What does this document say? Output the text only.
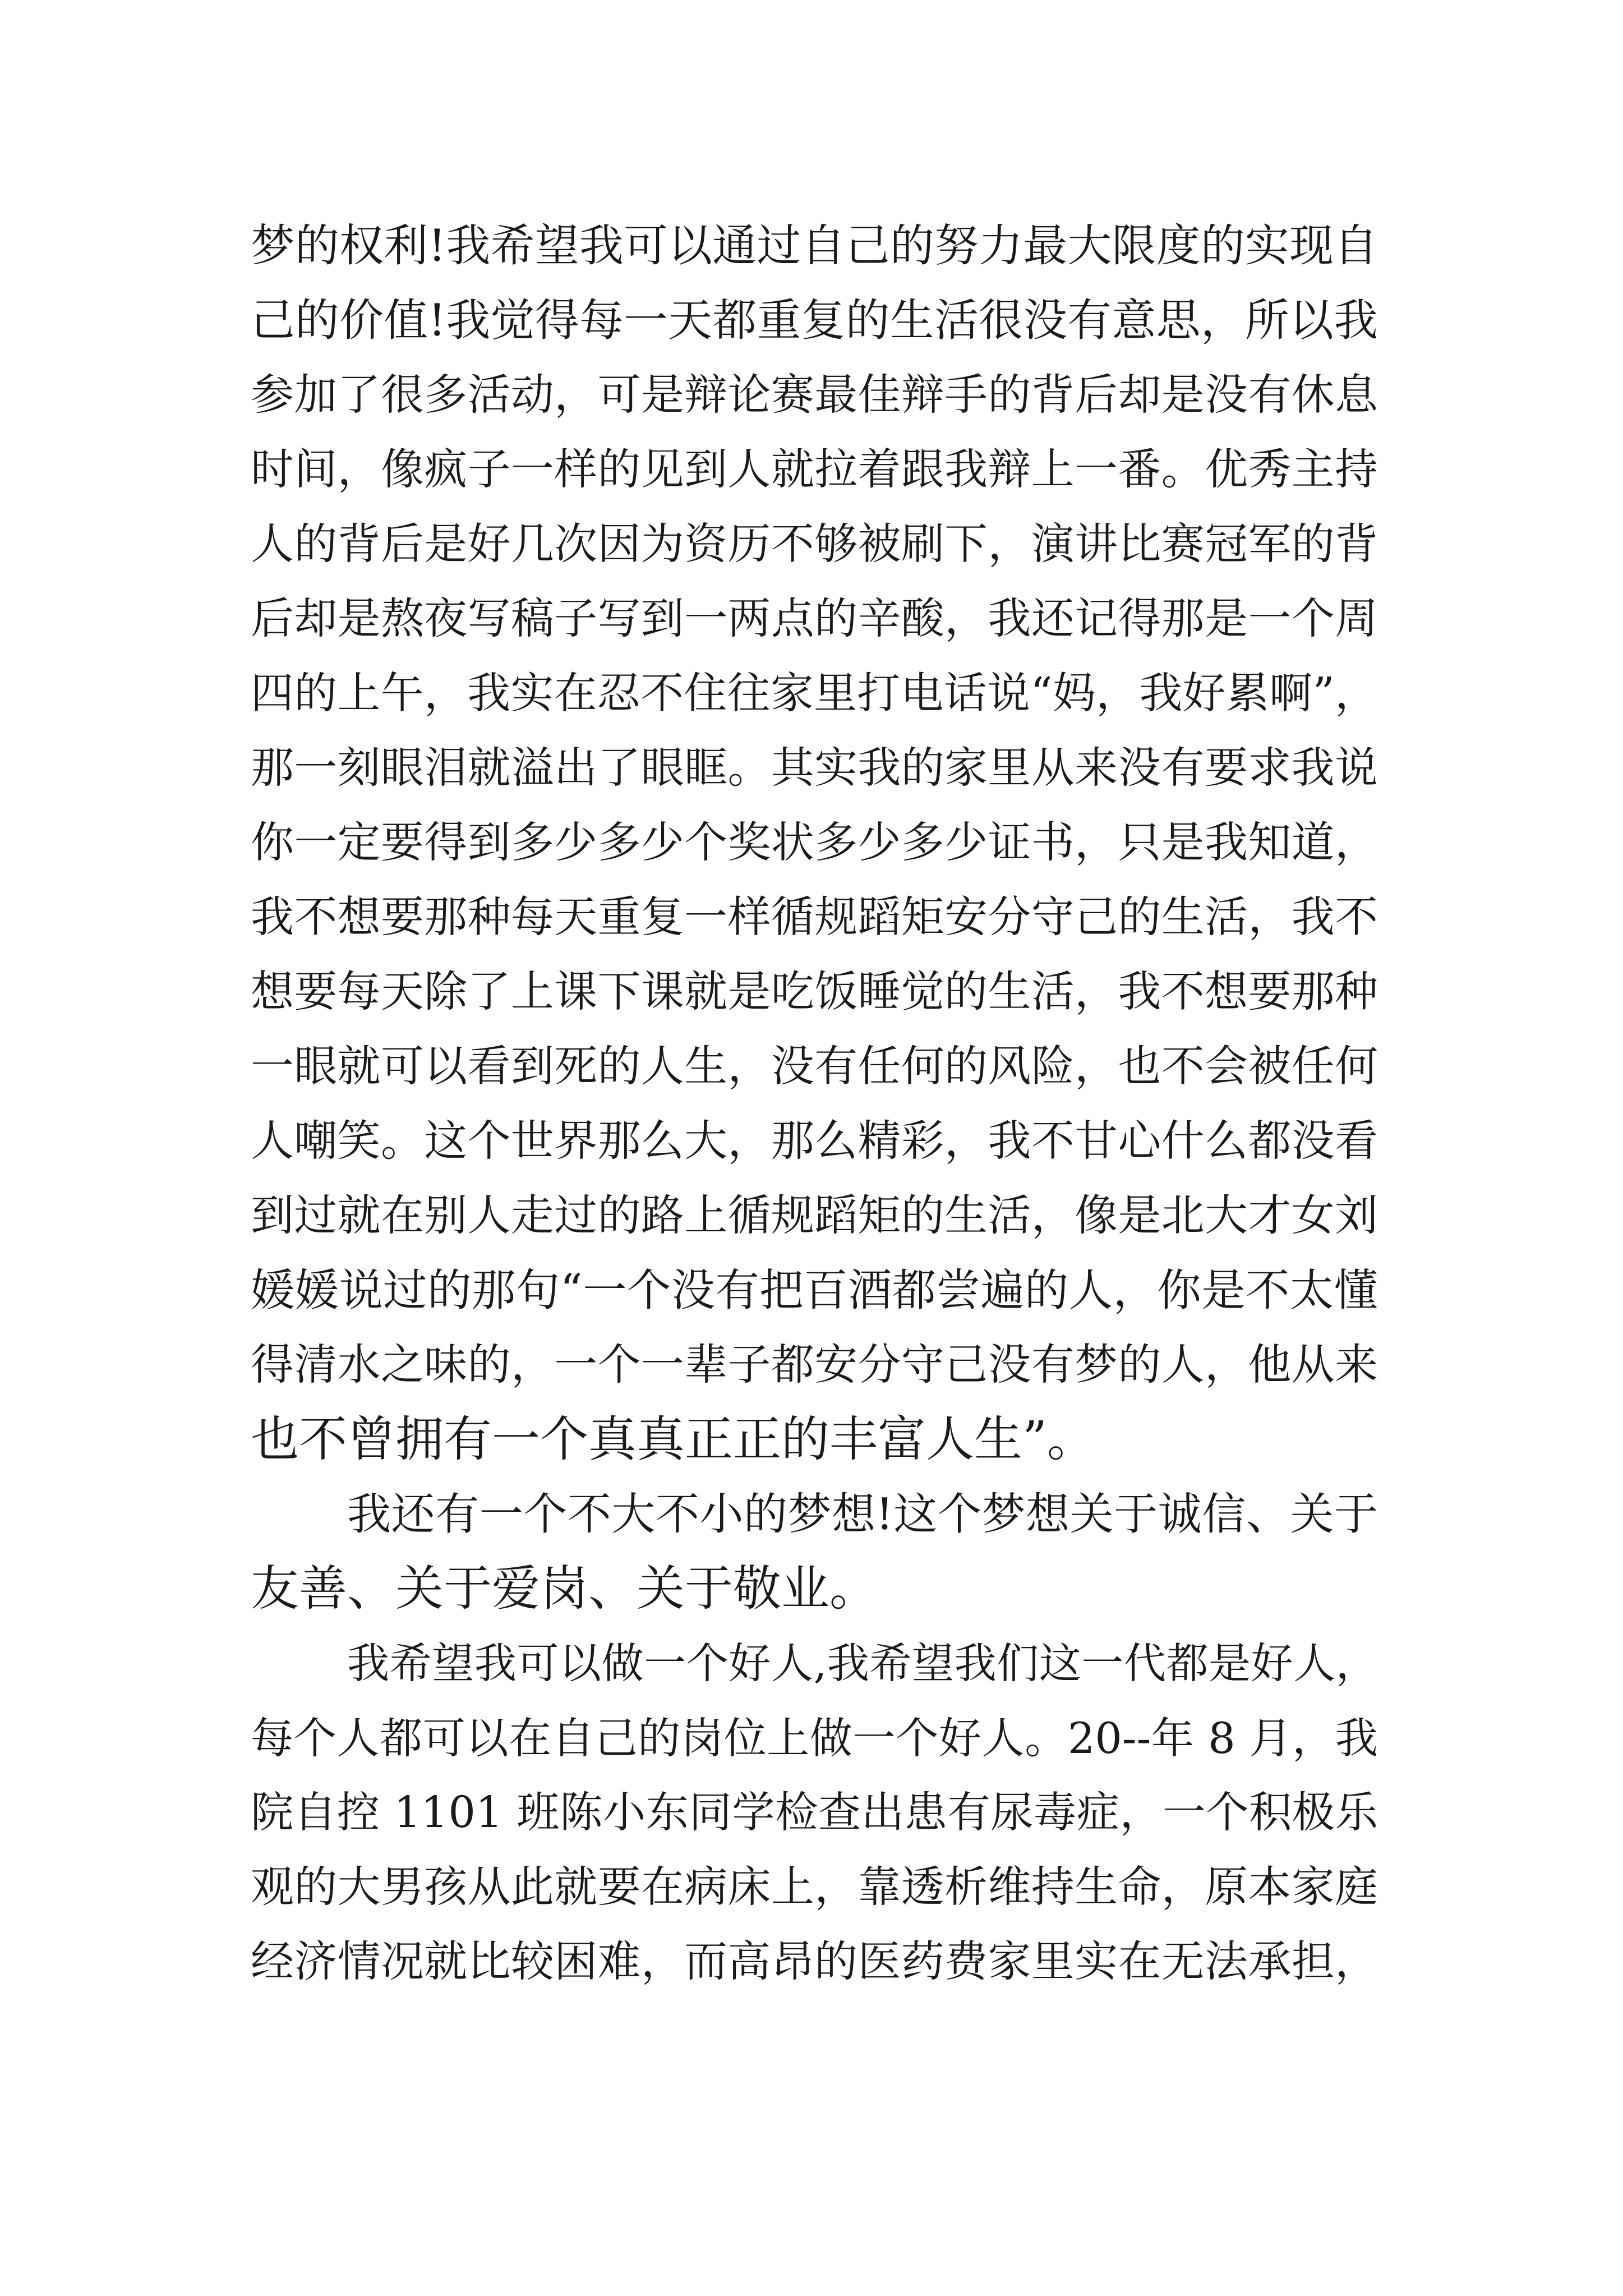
梦的权利!我希望我可以通过自己的努力最大限度的实现自
己的价值!我觉得每一天都重复的生活很没有意思，所以我
参加了很多活动，可是辩论赛最佳辩手的背后却是没有休息
时间，像疯子一样的见到人就拉着跟我辩上一番。优秀主持
人的背后是好几次因为资历不够被刷下，演讲比赛冠军的背
后却是熬夜写稿子写到一两点的辛酸，我还记得那是一个周
四的上午，我实在忍不住往家里打电话说“妈，我好累啊”，
那一刻眼泪就溢出了眼眶。其实我的家里从来没有要求我说
你一定要得到多少多少个奖状多少多少证书，只是我知道，
我不想要那种每天重复一样循规蹈矩安分守己的生活，我不
想要每天除了上课下课就是吃饭睡觉的生活，我不想要那种
一眼就可以看到死的人生，没有任何的风险，也不会被任何
人嘲笑。这个世界那么大，那么精彩，我不甘心什么都没看
到过就在别人走过的路上循规蹈矩的生活，像是北大才女刘
媛媛说过的那句“一个没有把百酒都尝遍的人，你是不太懂
得清水之味的，一个一辈子都安分守己没有梦的人，他从来
也不曾拥有一个真真正正的丰富人生”。
我还有一个不大不小的梦想!这个梦想关于诚信、关于
友善、关于爱岗、关于敬业。
我希望我可以做一个好人,我希望我们这一代都是好人，
每个人都可以在自己的岗位上做一个好人。20--年 8 月，我
院自控 1101 班陈小东同学检查出患有尿毒症，一个积极乐
观的大男孩从此就要在病床上，靠透析维持生命，原本家庭
经济情况就比较困难，而高昂的医药费家里实在无法承担，
